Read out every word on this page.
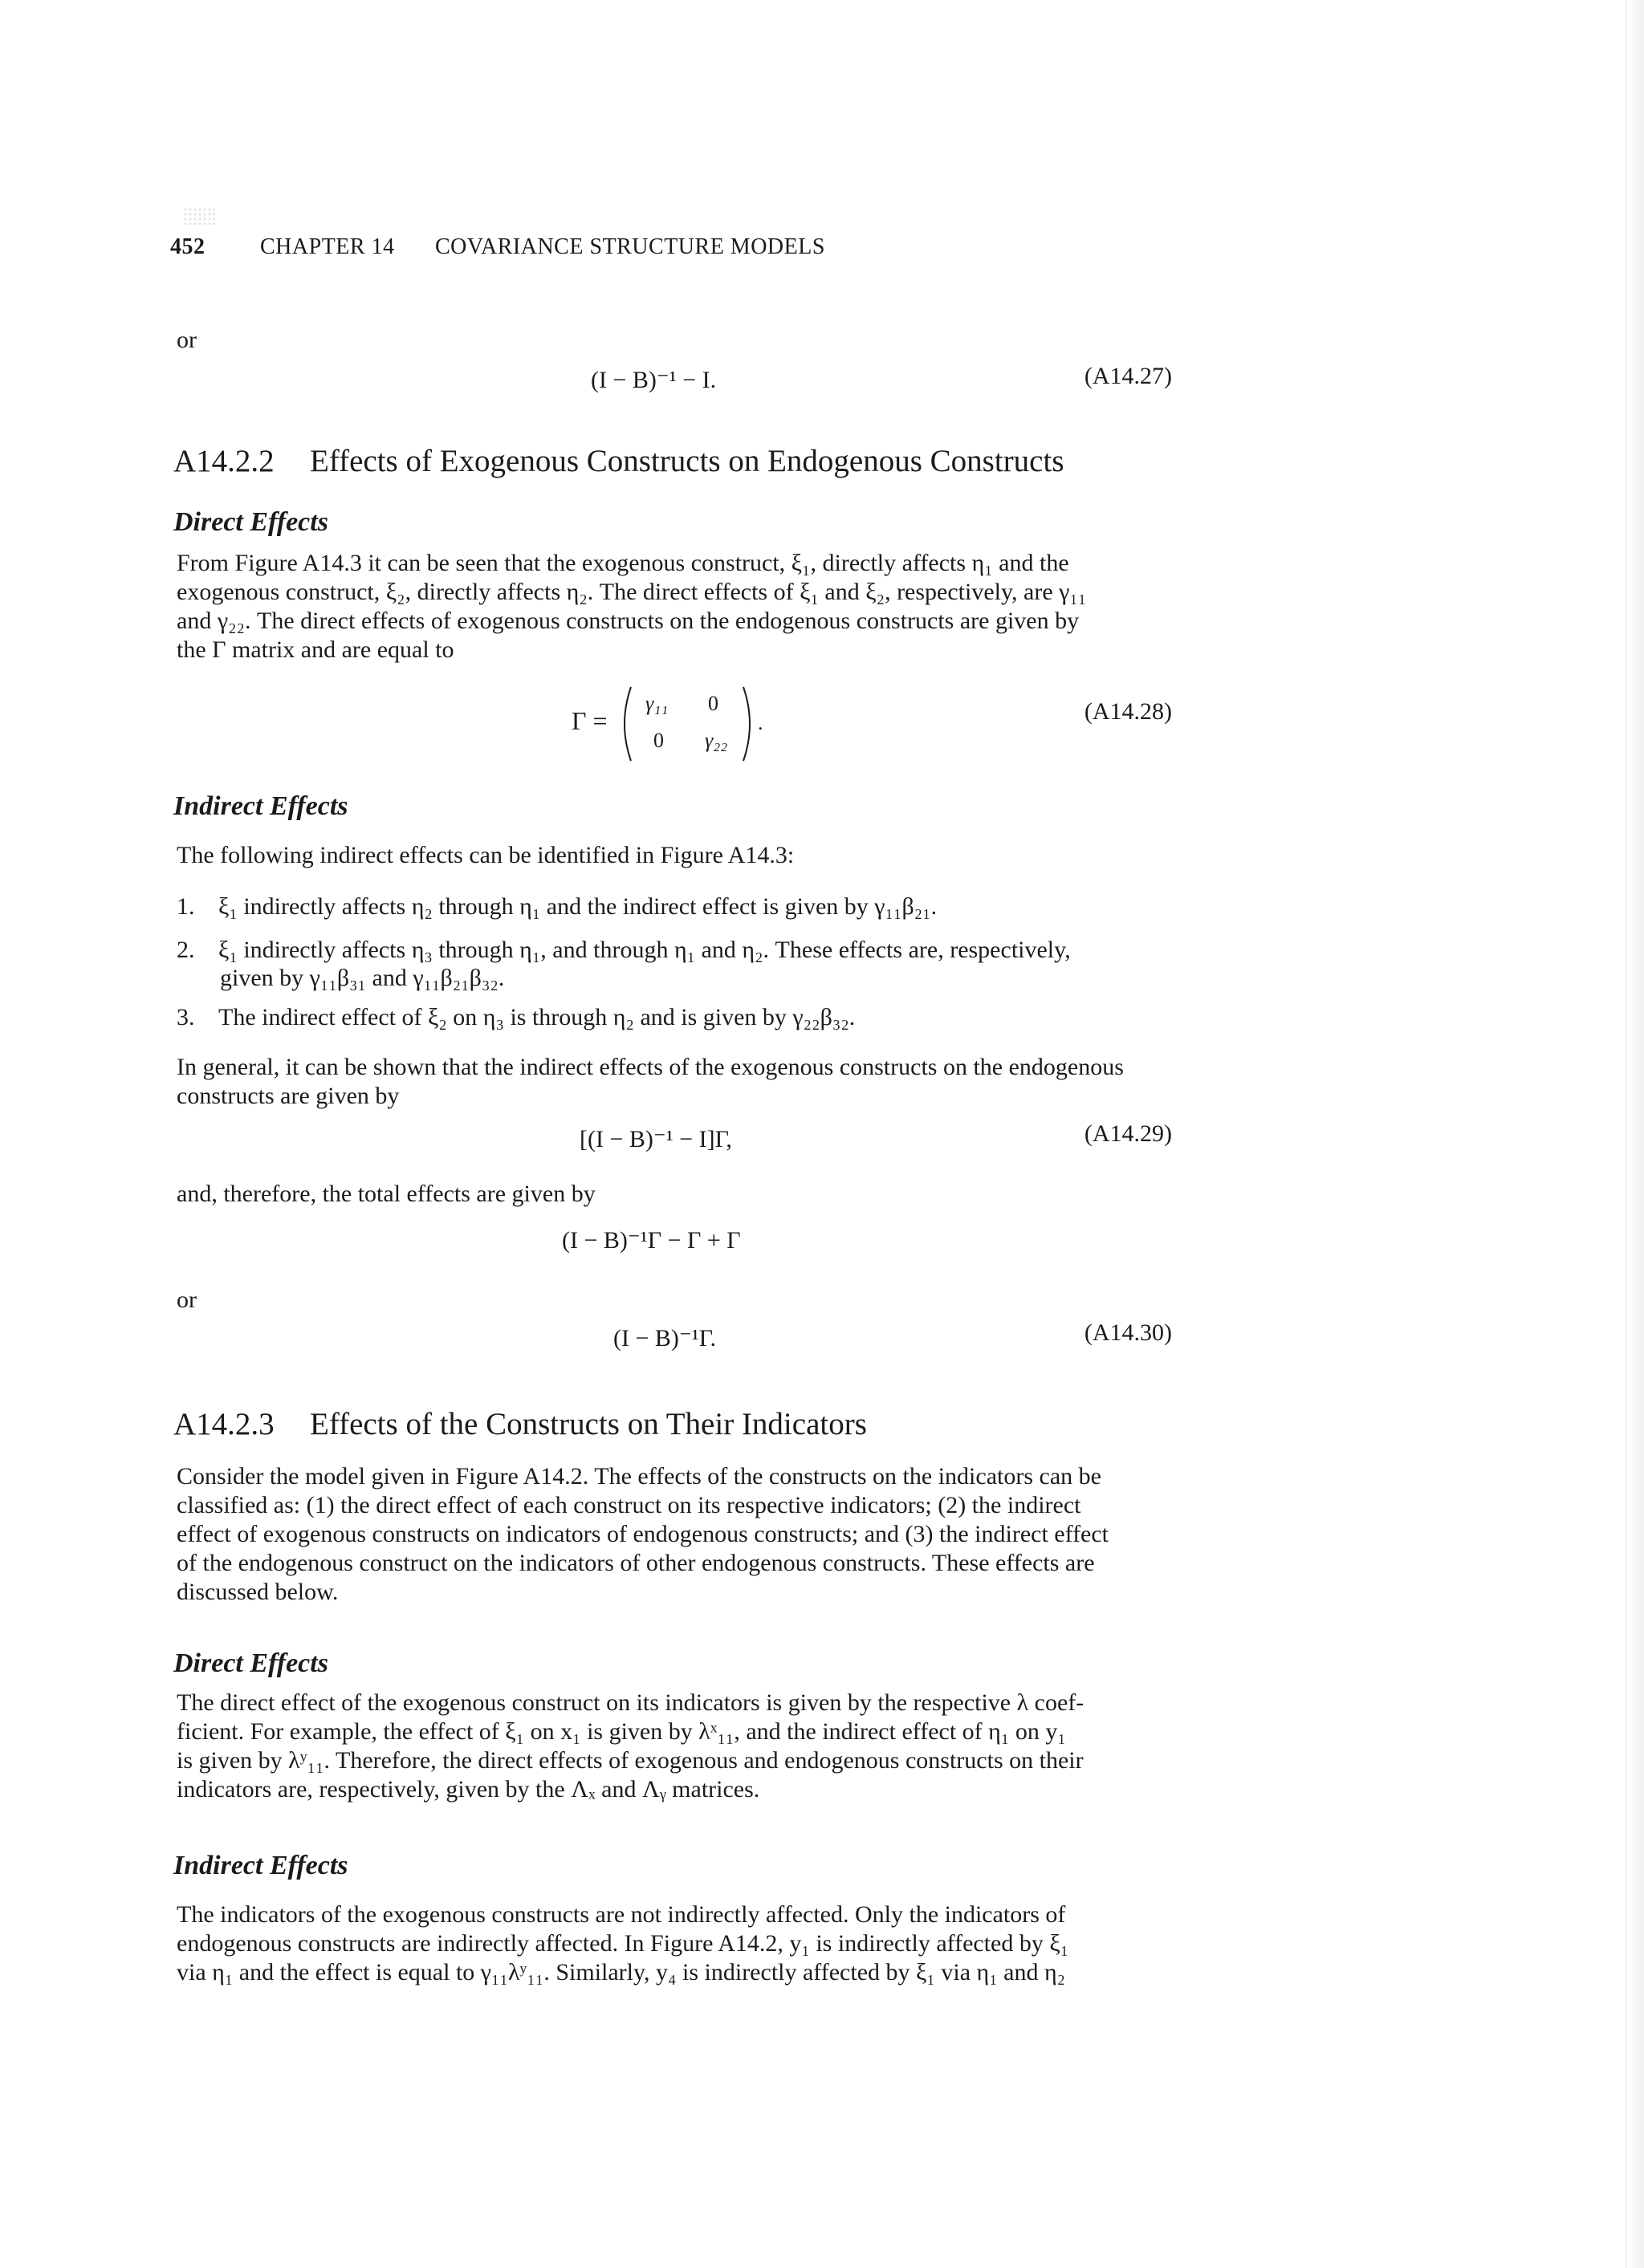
452 CHAPTER 14 COVARIANCE STRUCTURE MODELS
or
(I − B)⁻¹ − I.	(A14.27)
A14.2.2 Effects of Exogenous Constructs on Endogenous Constructs
Direct Effects
From Figure A14.3 it can be seen that the exogenous construct, ξ₁, directly affects η₁ and the
exogenous construct, ξ₂, directly affects η₂. The direct effects of ξ₁ and ξ₂, respectively, are γ₁₁
and γ₂₂. The direct effects of exogenous constructs on the endogenous constructs are given by
the Γ matrix and are equal to
Γ =
γ₁₁ 0
0 γ₂₂
.	(A14.28)
Indirect Effects
The following indirect effects can be identified in Figure A14.3:
1. ξ₁ indirectly affects η₂ through η₁ and the indirect effect is given by γ₁₁β₂₁.
2. ξ₁ indirectly affects η₃ through η₁, and through η₁ and η₂. These effects are, respectively,
given by γ₁₁β₃₁ and γ₁₁β₂₁β₃₂.
3. The indirect effect of ξ₂ on η₃ is through η₂ and is given by γ₂₂β₃₂.
In general, it can be shown that the indirect effects of the exogenous constructs on the endogenous
constructs are given by
[(I − B)⁻¹ − I]Γ,	(A14.29)
and, therefore, the total effects are given by
(I − B)⁻¹Γ − Γ + Γ
or
(I − B)⁻¹Γ.	(A14.30)
A14.2.3 Effects of the Constructs on Their Indicators
Consider the model given in Figure A14.2. The effects of the constructs on the indicators can be
classified as: (1) the direct effect of each construct on its respective indicators; (2) the indirect
effect of exogenous constructs on indicators of endogenous constructs; and (3) the indirect effect
of the endogenous construct on the indicators of other endogenous constructs. These effects are
discussed below.
Direct Effects
The direct effect of the exogenous construct on its indicators is given by the respective λ coef-
ficient. For example, the effect of ξ₁ on x₁ is given by λˣ₁₁, and the indirect effect of η₁ on y₁
is given by λʸ₁₁. Therefore, the direct effects of exogenous and endogenous constructs on their
indicators are, respectively, given by the Λₓ and Λᵧ matrices.
Indirect Effects
The indicators of the exogenous constructs are not indirectly affected. Only the indicators of
endogenous constructs are indirectly affected. In Figure A14.2, y₁ is indirectly affected by ξ₁
via η₁ and the effect is equal to γ₁₁λʸ₁₁. Similarly, y₄ is indirectly affected by ξ₁ via η₁ and η₂
